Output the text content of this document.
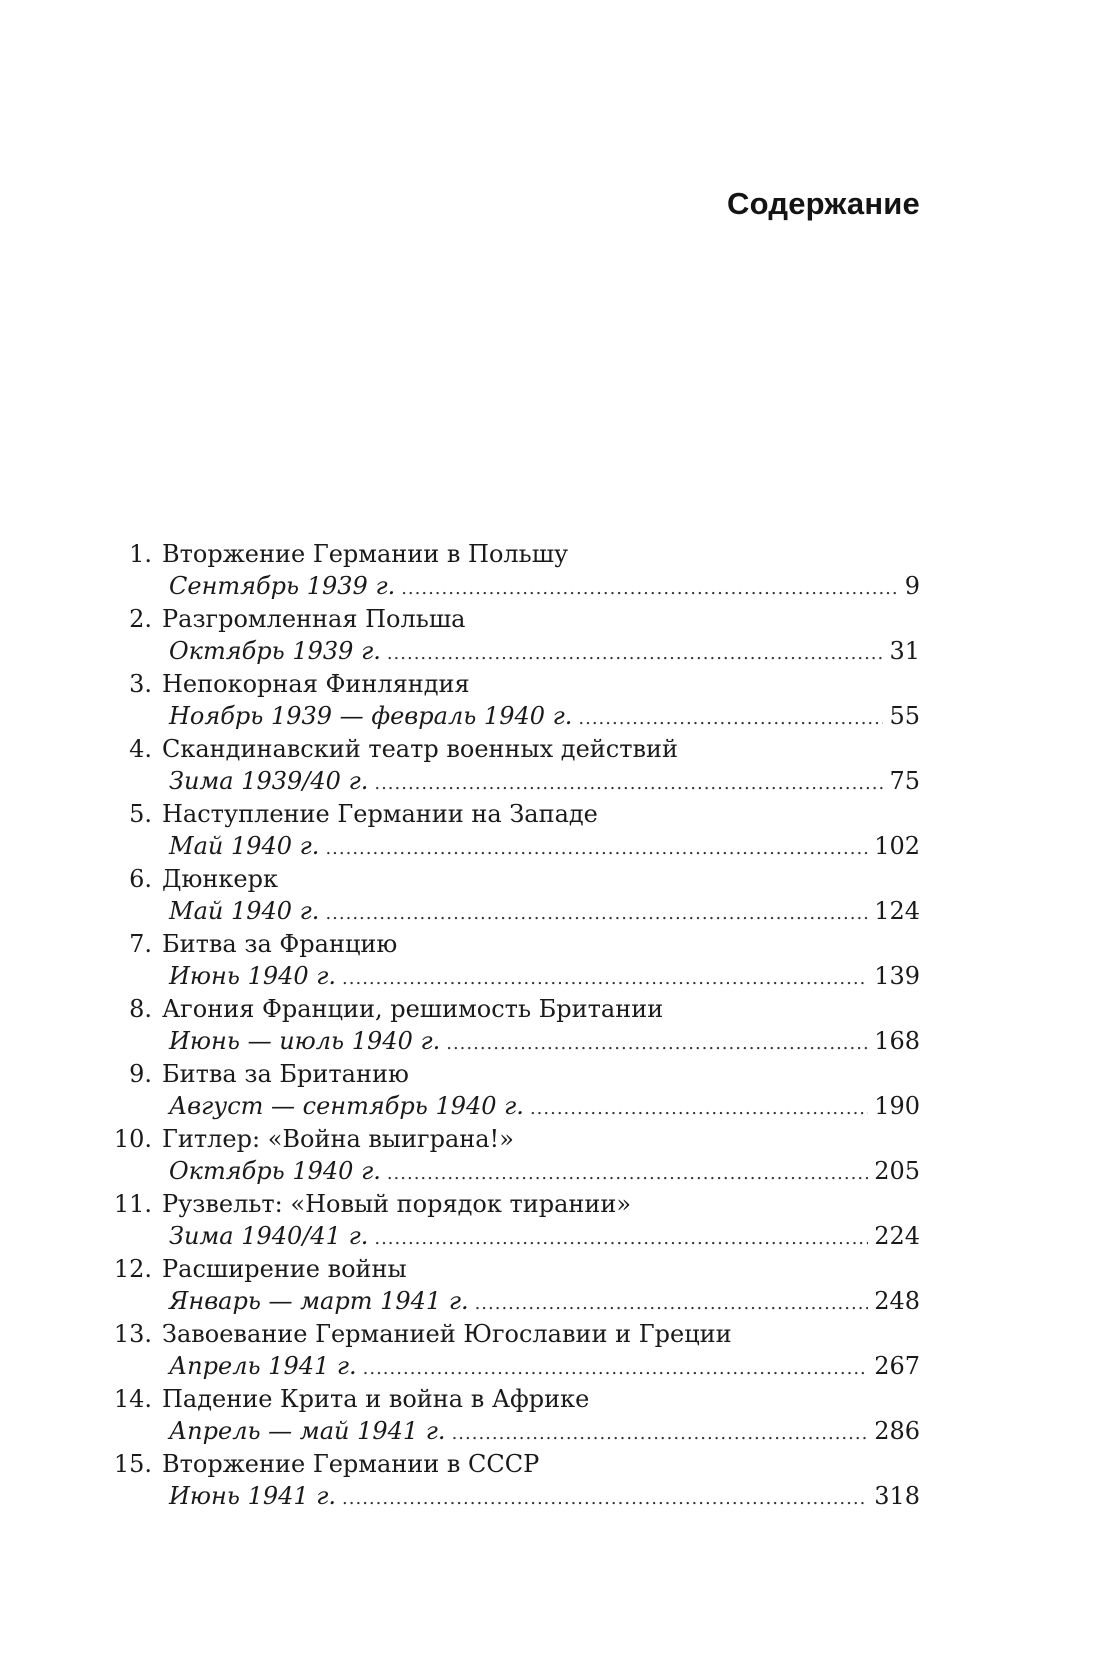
Содержание
1. Вторжение Германии в Польшу
Сентябрь 1939 г. .....	9
2. Разгромленная Польша
Октябрь 1939 г. .....	31
3. Непокорная Финляндия
Ноябрь 1939 — февраль 1940 г. .....	55
4. Скандинавский театр военных действий
Зима 1939/40 г. .....	75
5. Наступление Германии на Западе
Май 1940 г. .....	102
6. Дюнкерк
Май 1940 г. .....	124
7. Битва за Францию
Июнь 1940 г. .....	139
8. Агония Франции, решимость Британии
Июнь — июль 1940 г. .....	168
9. Битва за Британию
Август — сентябрь 1940 г. .....	190
10. Гитлер: «Война выиграна!»
Октябрь 1940 г. .....	205
11. Рузвельт: «Новый порядок тирании»
Зима 1940/41 г. .....	224
12. Расширение войны
Январь — март 1941 г. .....	248
13. Завоевание Германией Югославии и Греции
Апрель 1941 г. .....	267
14. Падение Крита и война в Африке
Апрель — май 1941 г. .....	286
15. Вторжение Германии в СССР
Июнь 1941 г. .....	318
